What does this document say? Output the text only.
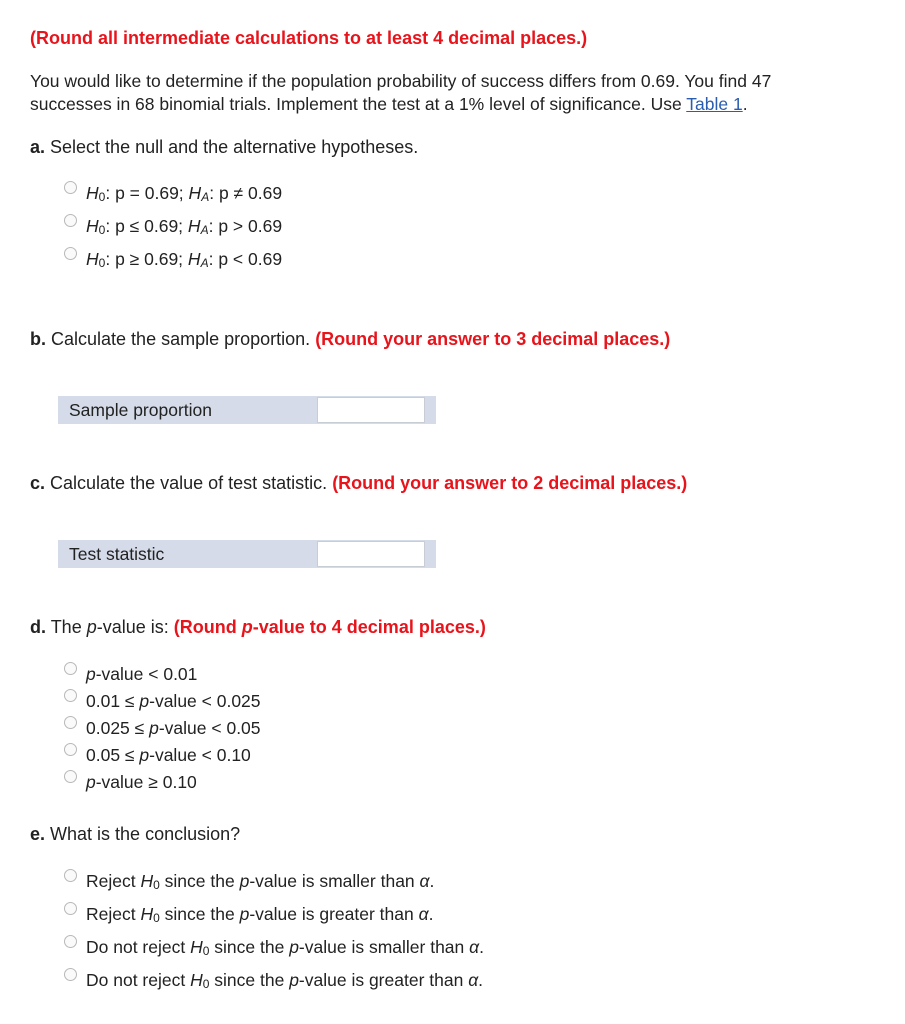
(Round all intermediate calculations to at least 4 decimal places.)
You would like to determine if the population probability of success differs from 0.69. You find 47
successes in 68 binomial trials. Implement the test at a 1% level of significance. Use Table 1.
a. Select the null and the alternative hypotheses.
$H_0$: p = 0.69; $H_A$: p ≠ 0.69
$H_0$: p ≤ 0.69; $H_A$: p > 0.69
$H_0$: p ≥ 0.69; $H_A$: p < 0.69
b. Calculate the sample proportion. (Round your answer to 3 decimal places.)
Sample proportion
c. Calculate the value of test statistic. (Round your answer to 2 decimal places.)
Test statistic
d. The p-value is: (Round p-value to 4 decimal places.)
p-value < 0.01
0.01 ≤ p-value < 0.025
0.025 ≤ p-value < 0.05
0.05 ≤ p-value < 0.10
p-value ≥ 0.10
e. What is the conclusion?
Reject $H_0$ since the p-value is smaller than α.
Reject $H_0$ since the p-value is greater than α.
Do not reject $H_0$ since the p-value is smaller than α.
Do not reject $H_0$ since the p-value is greater than α.
